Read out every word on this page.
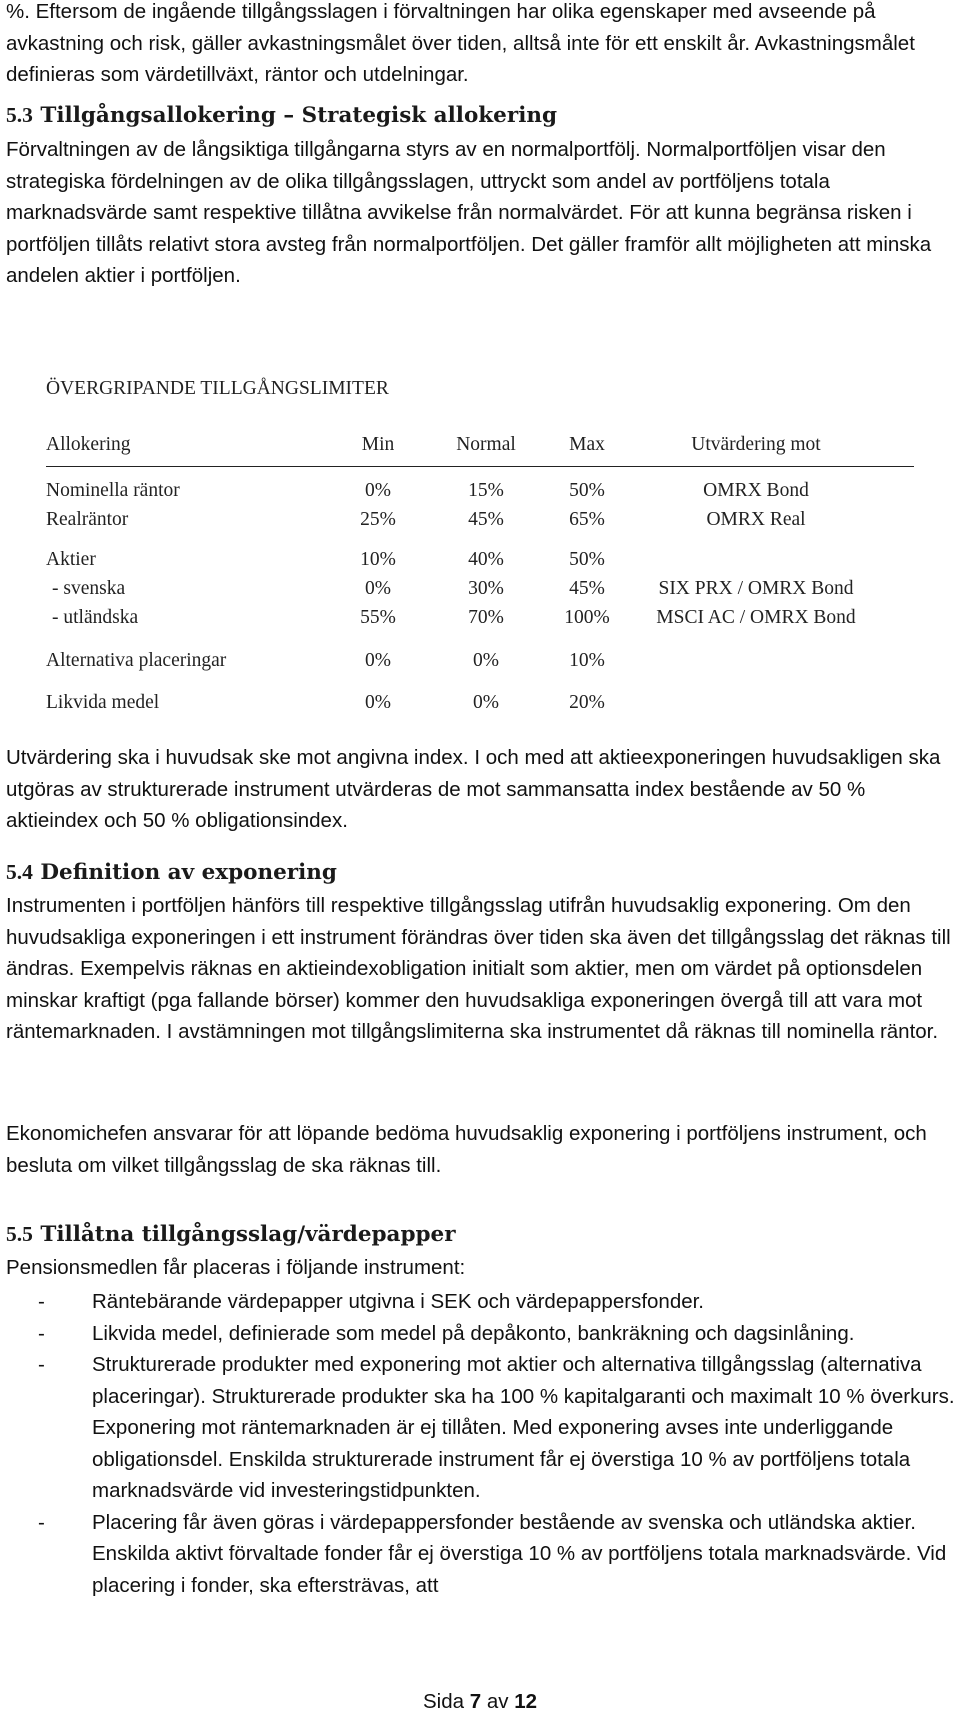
%. Eftersom de ingående tillgångsslagen i förvaltningen har olika egenskaper med avseende på avkastning och risk, gäller avkastningsmålet över tiden, alltså inte för ett enskilt år. Avkastningsmålet definieras som värdetillväxt, räntor och utdelningar.

5.3 Tillgångsallokering – Strategisk allokering

Förvaltningen av de långsiktiga tillgångarna styrs av en normalportfölj. Normalportföljen visar den strategiska fördelningen av de olika tillgångsslagen, uttryckt som andel av portföljens totala marknadsvärde samt respektive tillåtna avvikelse från normalvärdet. För att kunna begränsa risken i portföljen tillåts relativt stora avsteg från normalportföljen. Det gäller framför allt möjligheten att minska andelen aktier i portföljen.

ÖVERGRIPANDE TILLGÅNGSLIMITER
Allokering	Min	Normal	Max	Utvärdering mot
Nominella räntor	0%	15%	50%	OMRX Bond
Realräntor	25%	45%	65%	OMRX Real
Aktier	10%	40%	50%
- svenska	0%	30%	45%	SIX PRX / OMRX Bond
- utländska	55%	70%	100%	MSCI AC / OMRX Bond
Alternativa placeringar	0%	0%	10%
Likvida medel	0%	0%	20%

Utvärdering ska i huvudsak ske mot angivna index. I och med att aktieexponeringen huvudsakligen ska utgöras av strukturerade instrument utvärderas de mot sammansatta index bestående av 50 % aktieindex och 50 % obligationsindex.

5.4 Definition av exponering

Instrumenten i portföljen hänförs till respektive tillgångsslag utifrån huvudsaklig exponering. Om den huvudsakliga exponeringen i ett instrument förändras över tiden ska även det tillgångsslag det räknas till ändras. Exempelvis räknas en aktieindexobligation initialt som aktier, men om värdet på optionsdelen minskar kraftigt (pga fallande börser) kommer den huvudsakliga exponeringen övergå till att vara mot räntemarknaden. I avstämningen mot tillgångslimiterna ska instrumentet då räknas till nominella räntor.

Ekonomichefen ansvarar för att löpande bedöma huvudsaklig exponering i portföljens instrument, och besluta om vilket tillgångsslag de ska räknas till.

5.5 Tillåtna tillgångsslag/värdepapper

Pensionsmedlen får placeras i följande instrument:

- Räntebärande värdepapper utgivna i SEK och värdepappersfonder.
- Likvida medel, definierade som medel på depåkonto, bankräkning och dagsinlåning.
- Strukturerade produkter med exponering mot aktier och alternativa tillgångsslag (alternativa placeringar). Strukturerade produkter ska ha 100 % kapitalgaranti och maximalt 10 % överkurs. Exponering mot räntemarknaden är ej tillåten. Med exponering avses inte underliggande obligationsdel. Enskilda strukturerade instrument får ej överstiga 10 % av portföljens totala marknadsvärde vid investeringstidpunkten.
- Placering får även göras i värdepappersfonder bestående av svenska och utländska aktier. Enskilda aktivt förvaltade fonder får ej överstiga 10 % av portföljens totala marknadsvärde. Vid placering i fonder, ska eftersträvas, att
Sida 7 av 12
